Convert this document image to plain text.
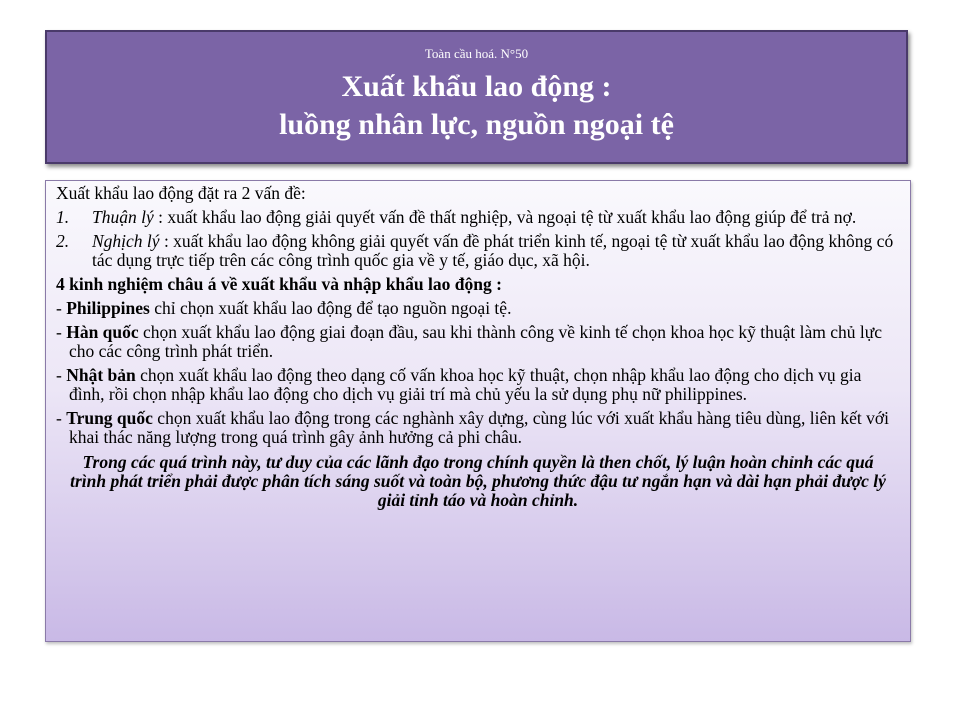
Toàn cầu hoá. N°50
Xuất khẩu lao động :
luồng nhân lực, nguồn ngoại tệ
Xuất khẩu lao động đặt ra 2 vấn đề:
1.	Thuận lý : xuất khẩu lao động giải quyết vấn đề thất nghiệp, và ngoại tệ từ xuất khẩu lao động giúp để trả nợ.
2.	Nghịch lý : xuất khẩu lao động không giải quyết vấn đề phát triển kinh tế, ngoại tệ từ xuất khẩu lao động không có tác dụng trực tiếp trên các công trình quốc gia về y tế, giáo dục, xã hội.
4 kinh nghiệm châu á về xuất khẩu và nhập khẩu lao động :
- Philippines chỉ chọn xuất khẩu lao động để tạo nguồn ngoại tệ.
- Hàn quốc chọn xuất khẩu lao động giai đoạn đầu, sau khi thành công về kinh tế chọn khoa học kỹ thuật làm chủ lực cho các công trình phát triển.
- Nhật bản chọn xuất khẩu lao động theo dạng cố vấn khoa học kỹ thuật, chọn nhập khẩu lao động cho dịch vụ gia đình, rồi chọn nhập khẩu lao động cho dịch vụ giải trí mà chủ yếu la sử dụng phụ nữ philippines.
- Trung quốc chọn xuất khẩu lao động trong các nghành xây dựng, cùng lúc với xuất khẩu hàng tiêu dùng, liên kết với khai thác năng lượng trong quá trình gây ảnh hưởng cả phi châu.
Trong các quá trình này, tư duy của các lãnh đạo trong chính quyền là then chốt, lý luận hoàn chỉnh các quá trình phát triển phải được phân tích sáng suốt và toàn bộ, phương thức đậu tư ngắn hạn và dài hạn phải được lý giải tỉnh táo và hoàn chỉnh.
